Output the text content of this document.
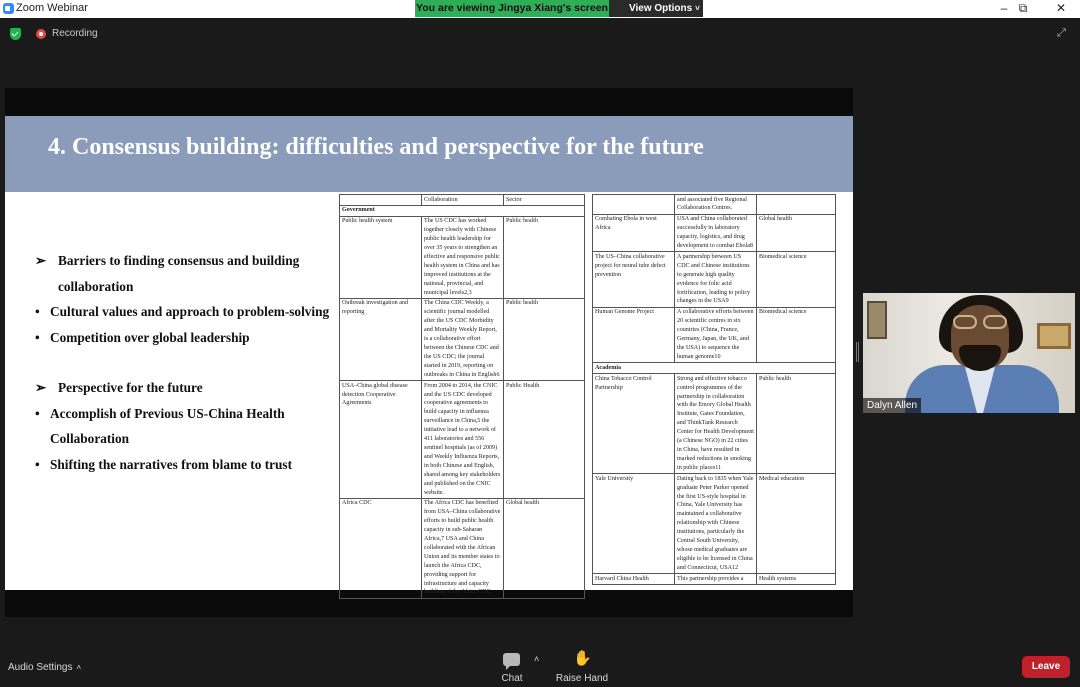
Zoom Webinar	You are viewing Jingya Xiang's screen	View Options ˅	– ⧉	✕
Recording	⤢
4. Consensus building: difficulties and perspective for the future
➢ Barriers to finding consensus and building collaboration
• Cultural values and approach to problem-solving
• Competition over global leadership
➢ Perspective for the future
• Accomplish of Previous US-China Health Collaboration
• Shifting the narratives from blame to trust
	Collaboration	Sector
Government		
Public health system	The US CDC has worked together closely with Chinese public health leadership for over 35 years to strengthen an effective and responsive public health system in China and has improved institutions at the national, provincial, and municipal levels2,3	Public health
Outbreak investigation and reporting	The China CDC Weekly, a scientific journal modelled after the US CDC Morbidity and Mortality Weekly Report, is a collaborative effort between the Chinese CDC and the US CDC; the journal started in 2019, reporting on outbreaks in China in English6	Public health
USA–China global disease detection Cooperative Agreements	From 2004 to 2014, the CNIC and the US CDC developed cooperative agreements to build capacity in influenza surveillance in China,5 the initiative lead to a network of 411 laboratories and 556 sentinel hospitals (as of 2009) and Weekly Influenza Reports, in both Chinese and English, shared among key stakeholders and published on the CNIC website.	Public Health
Africa CDC	The Africa CDC has benefited from USA–China collaborative efforts to build public health capacity in sub-Saharan Africa,7 USA and China collaborated with the African Union and its member states to launch the Africa CDC, providing support for infrastructure and capacity building of the Africa CDC	Global health
	and associated five Regional Collaboration Centres.	
Combating Ebola in west Africa	USA and China collaborated successfully in laboratory capacity, logistics, and drug development to combat Ebola8	Global health
The US–China collaborative project for neural tube defect prevention	A partnership between US CDC and Chinese institutions to generate high quality evidence for folic acid fortification, leading to policy changes in the USA9	Biomedical science
Human Genome Project	A collaborative efforts between 20 scientific centres in six countries (China, France, Germany, Japan, the UK, and the USA) to sequence the human genome10	Biomedical science
Academia		
China Tobacco Control Partnership	Strong and effective tobacco control programmes of the partnership in collaboration with the Emory Global Health Institute, Gates Foundation, and ThinkTank Research Center for Health Development (a Chinese NGO) in 22 cities in China, have resulted in marked reductions in smoking in public places11	Public health
Yale University	Dating back to 1835 when Yale graduate Peter Parker opened the first US-style hospital in China, Yale University has maintained a collaborative relationship with Chinese institutions, particularly the Central South University, whose medical graduates are eligible to be licensed in China and Connecticut, USA12	Medical education
Harvard China Health	This partnership provides a	Health systems
Dalyn Allen
Audio Settings ˄
Chat
˄ ✋
Raise Hand
Leave
